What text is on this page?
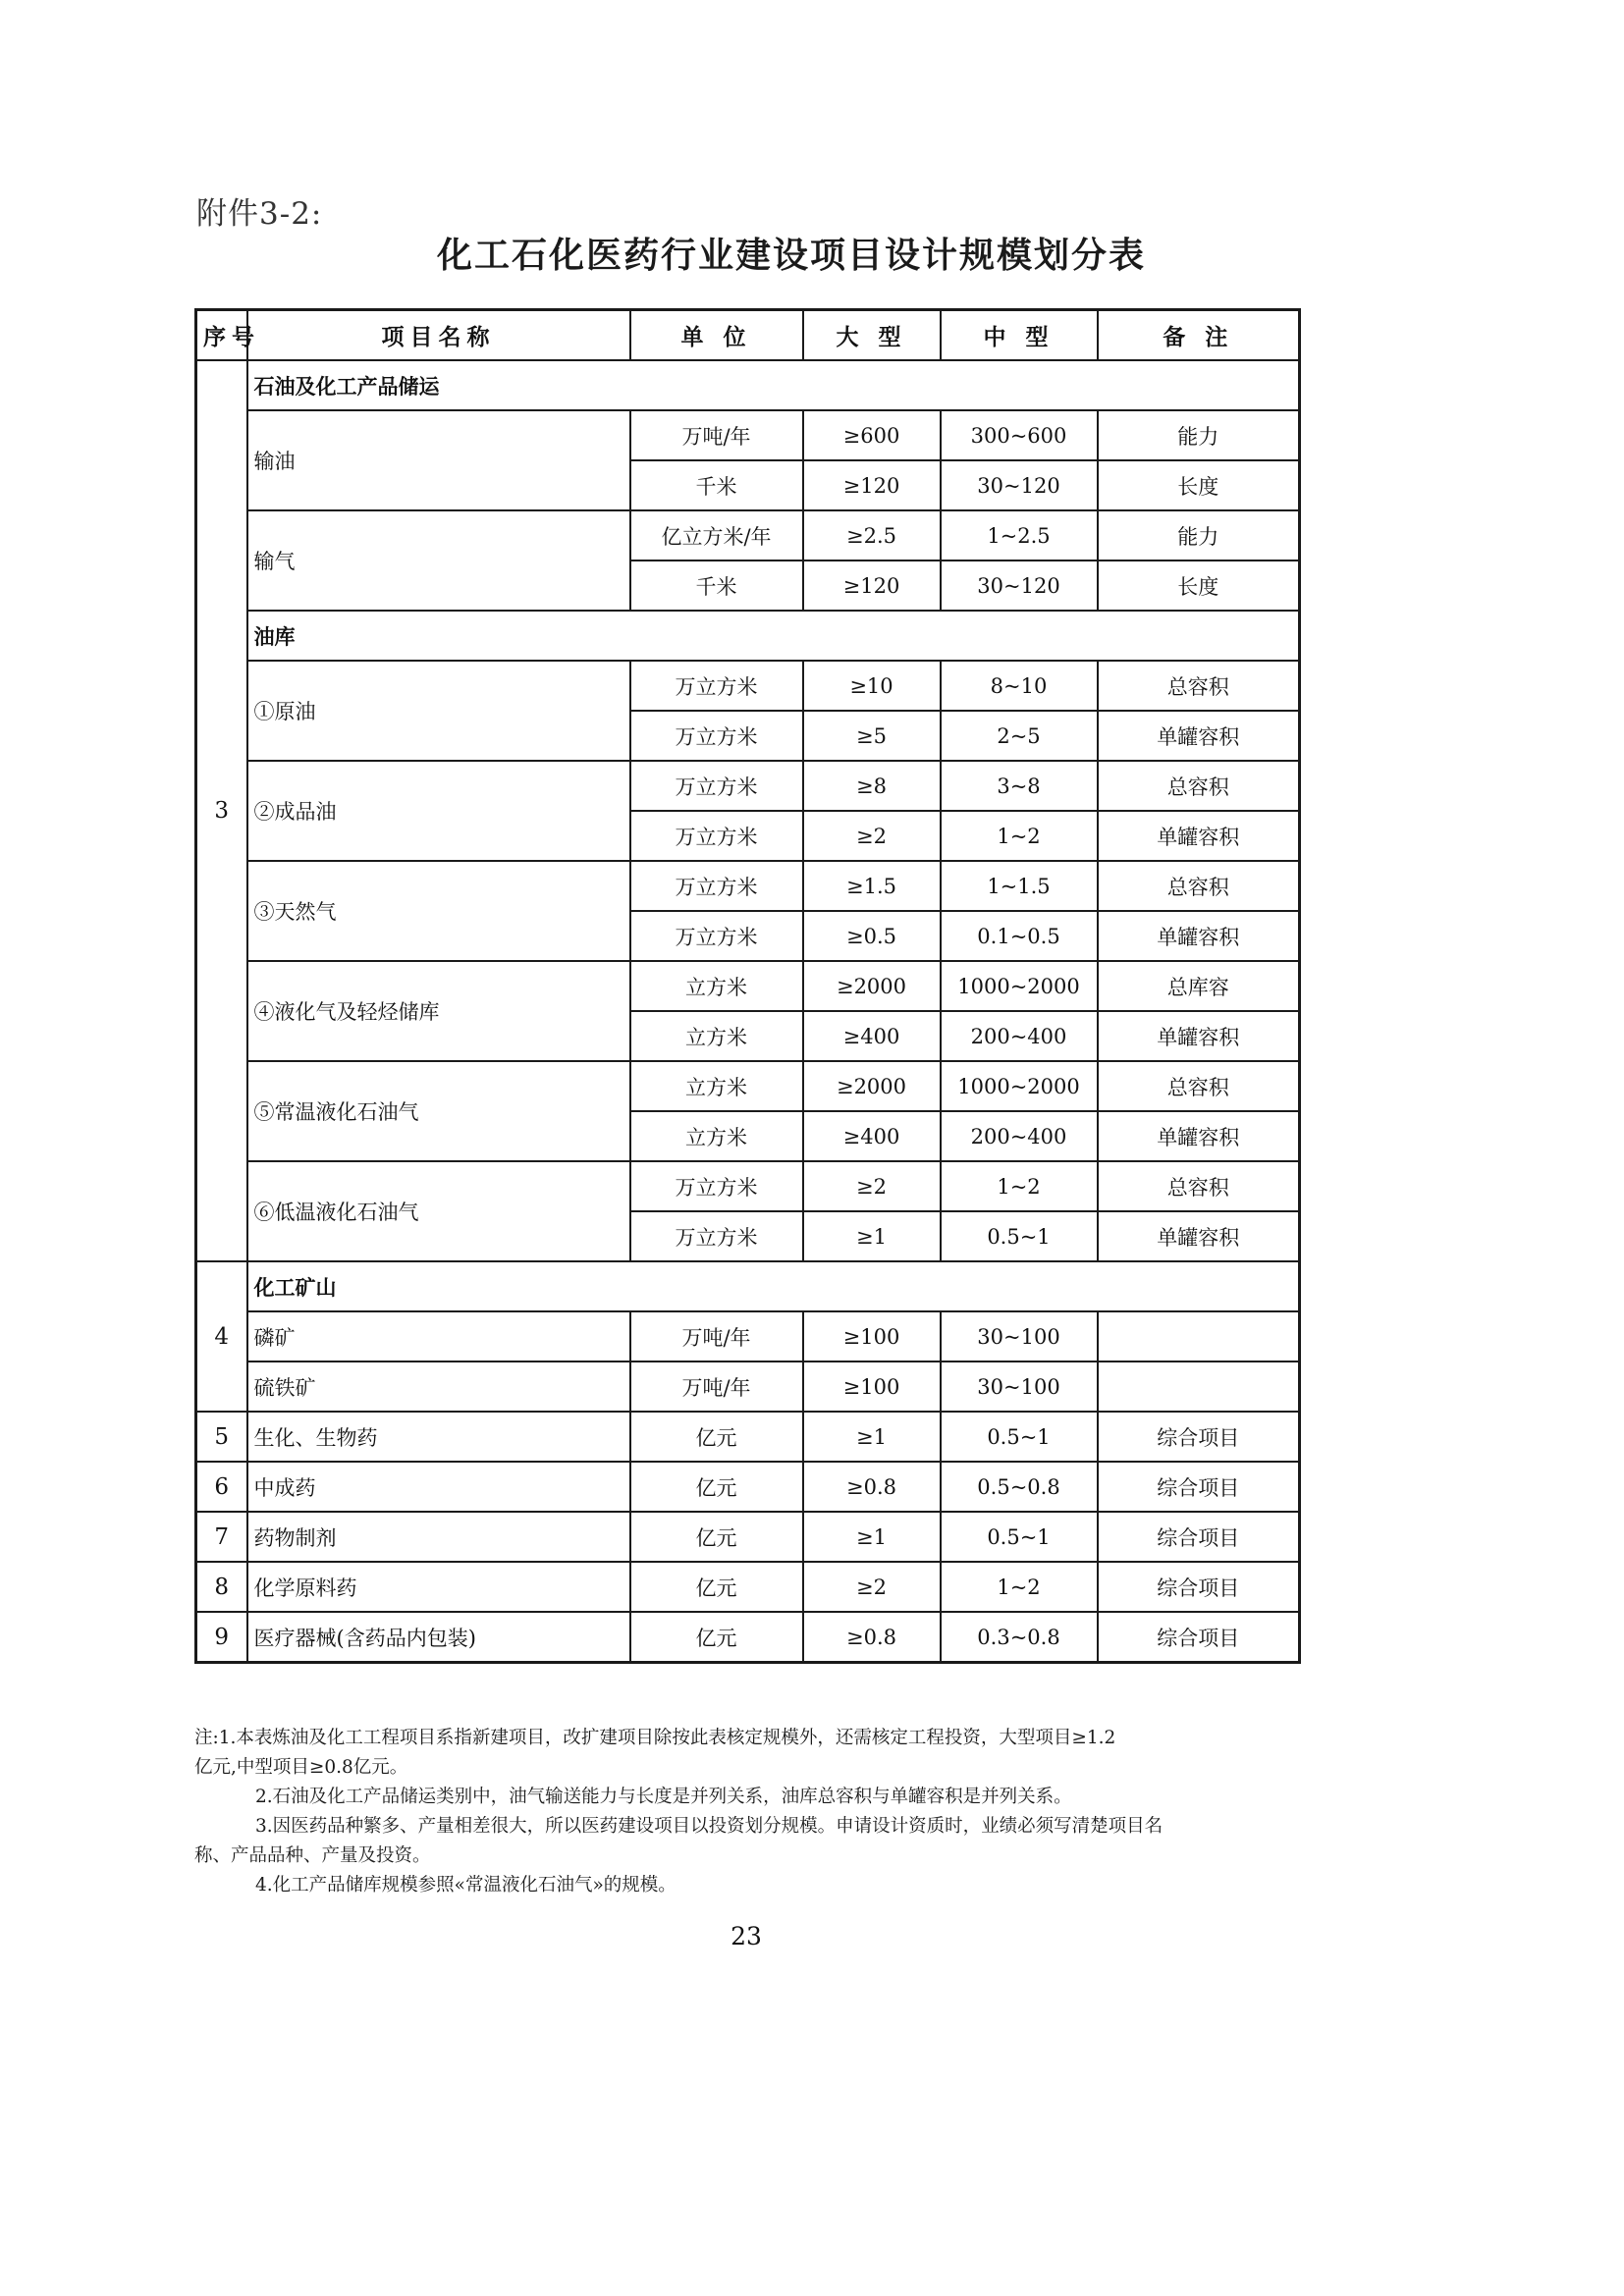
附件3-2:
化工石化医药行业建设项目设计规模划分表
序号	项目名称	单 位	大 型	中 型	备 注
3	石油及化工产品储运				
	输油	万吨/年	≥600	300~600	能力
		千米	≥120	30~120	长度
	输气	亿立方米/年	≥2.5	1~2.5	能力
		千米	≥120	30~120	长度
	油库				
	①原油	万立方米	≥10	8~10	总容积
		万立方米	≥5	2~5	单罐容积
	②成品油	万立方米	≥8	3~8	总容积
		万立方米	≥2	1~2	单罐容积
	③天然气	万立方米	≥1.5	1~1.5	总容积
		万立方米	≥0.5	0.1~0.5	单罐容积
	④液化气及轻烃储库	立方米	≥2000	1000~2000	总库容
		立方米	≥400	200~400	单罐容积
	⑤常温液化石油气	立方米	≥2000	1000~2000	总容积
		立方米	≥400	200~400	单罐容积
	⑥低温液化石油气	万立方米	≥2	1~2	总容积
		万立方米	≥1	0.5~1	单罐容积
4	化工矿山				
	磷矿	万吨/年	≥100	30~100	
	硫铁矿	万吨/年	≥100	30~100	
5	生化、生物药	亿元	≥1	0.5~1	综合项目
6	中成药	亿元	≥0.8	0.5~0.8	综合项目
7	药物制剂	亿元	≥1	0.5~1	综合项目
8	化学原料药	亿元	≥2	1~2	综合项目
9	医疗器械(含药品内包装)	亿元	≥0.8	0.3~0.8	综合项目

注:1.本表炼油及化工工程项目系指新建项目，改扩建项目除按此表核定规模外，还需核定工程投资，大型项目≥1.2

亿元,中型项目≥0.8亿元。

2.石油及化工产品储运类别中，油气输送能力与长度是并列关系，油库总容积与单罐容积是并列关系。

3.因医药品种繁多、产量相差很大，所以医药建设项目以投资划分规模。申请设计资质时，业绩必须写清楚项目名

称、产品品种、产量及投资。

4.化工产品储库规模参照«常温液化石油气»的规模。

23
